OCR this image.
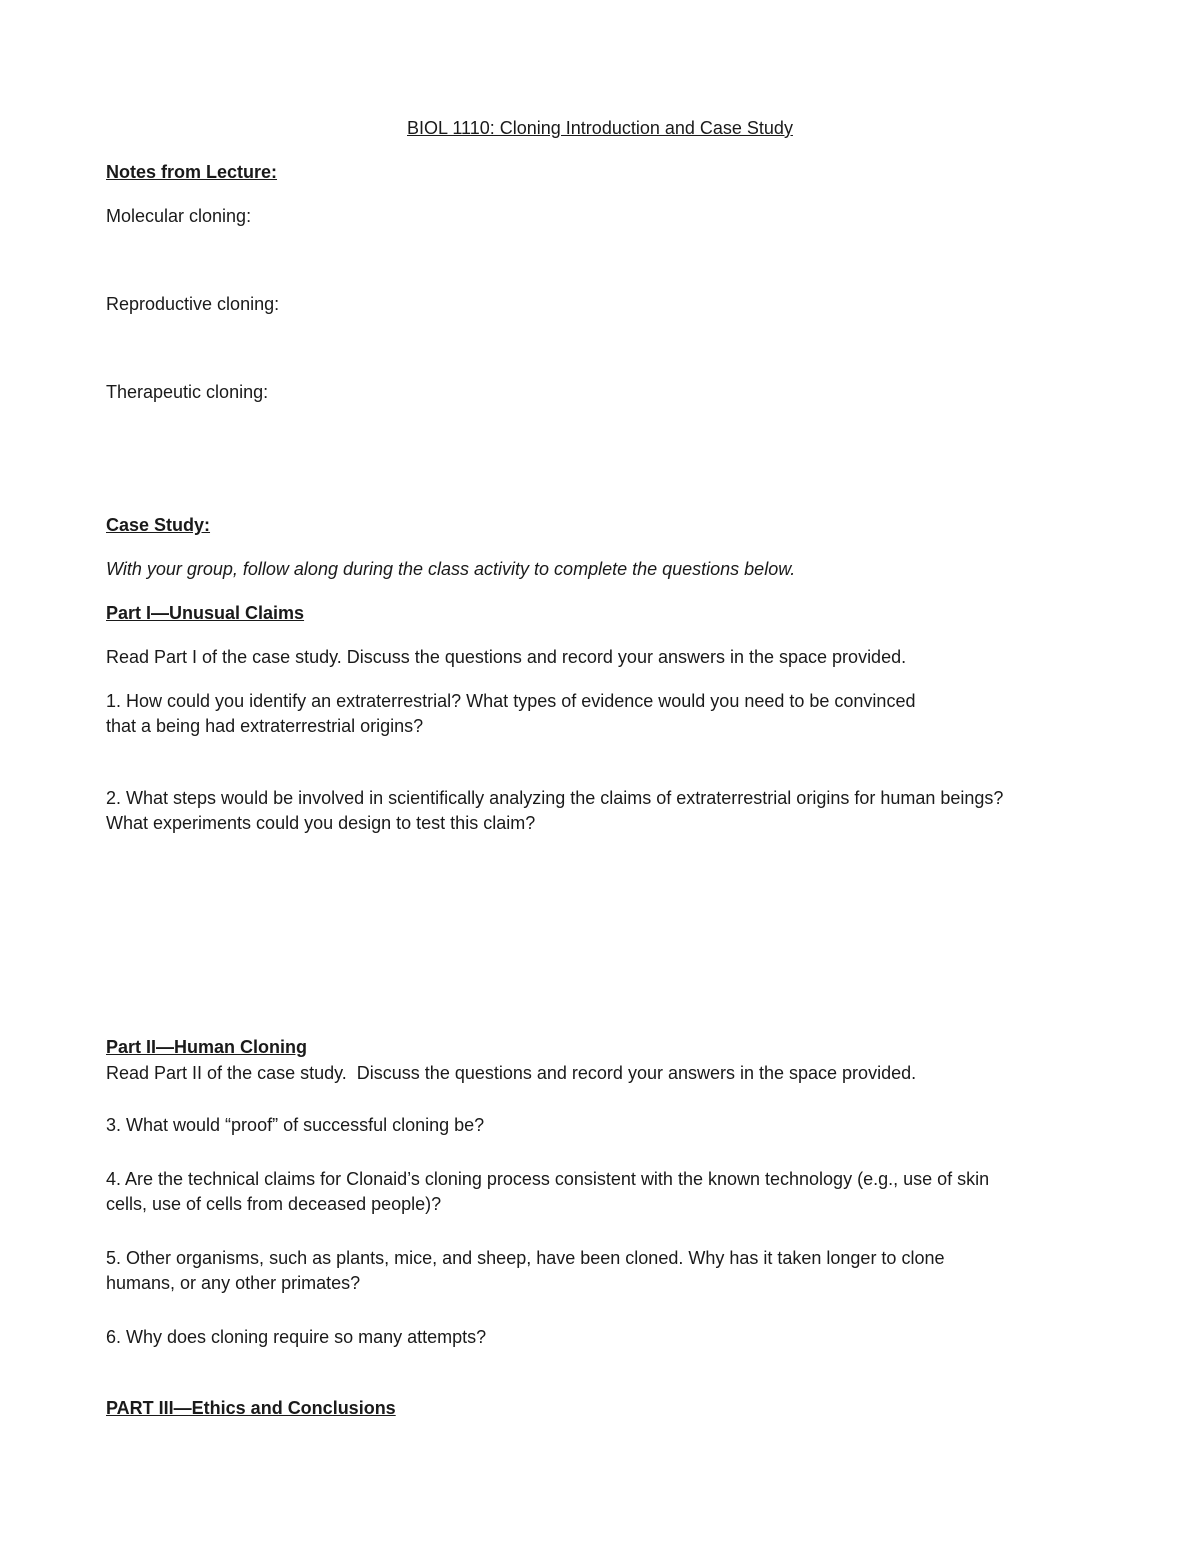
BIOL 1110: Cloning Introduction and Case Study

Notes from Lecture:

Molecular cloning:

Reproductive cloning:

Therapeutic cloning:

Case Study:

With your group, follow along during the class activity to complete the questions below.

Part I—Unusual Claims

Read Part I of the case study. Discuss the questions and record your answers in the space provided.

1. How could you identify an extraterrestrial? What types of evidence would you need to be convinced
that a being had extraterrestrial origins?

2. What steps would be involved in scientifically analyzing the claims of extraterrestrial origins for human beings?
What experiments could you design to test this claim?

Part II—Human Cloning

Read Part II of the case study.  Discuss the questions and record your answers in the space provided.

3. What would “proof” of successful cloning be?

4. Are the technical claims for Clonaid’s cloning process consistent with the known technology (e.g., use of skin
cells, use of cells from deceased people)?

5. Other organisms, such as plants, mice, and sheep, have been cloned. Why has it taken longer to clone
humans, or any other primates?

6. Why does cloning require so many attempts?

PART III—Ethics and Conclusions
